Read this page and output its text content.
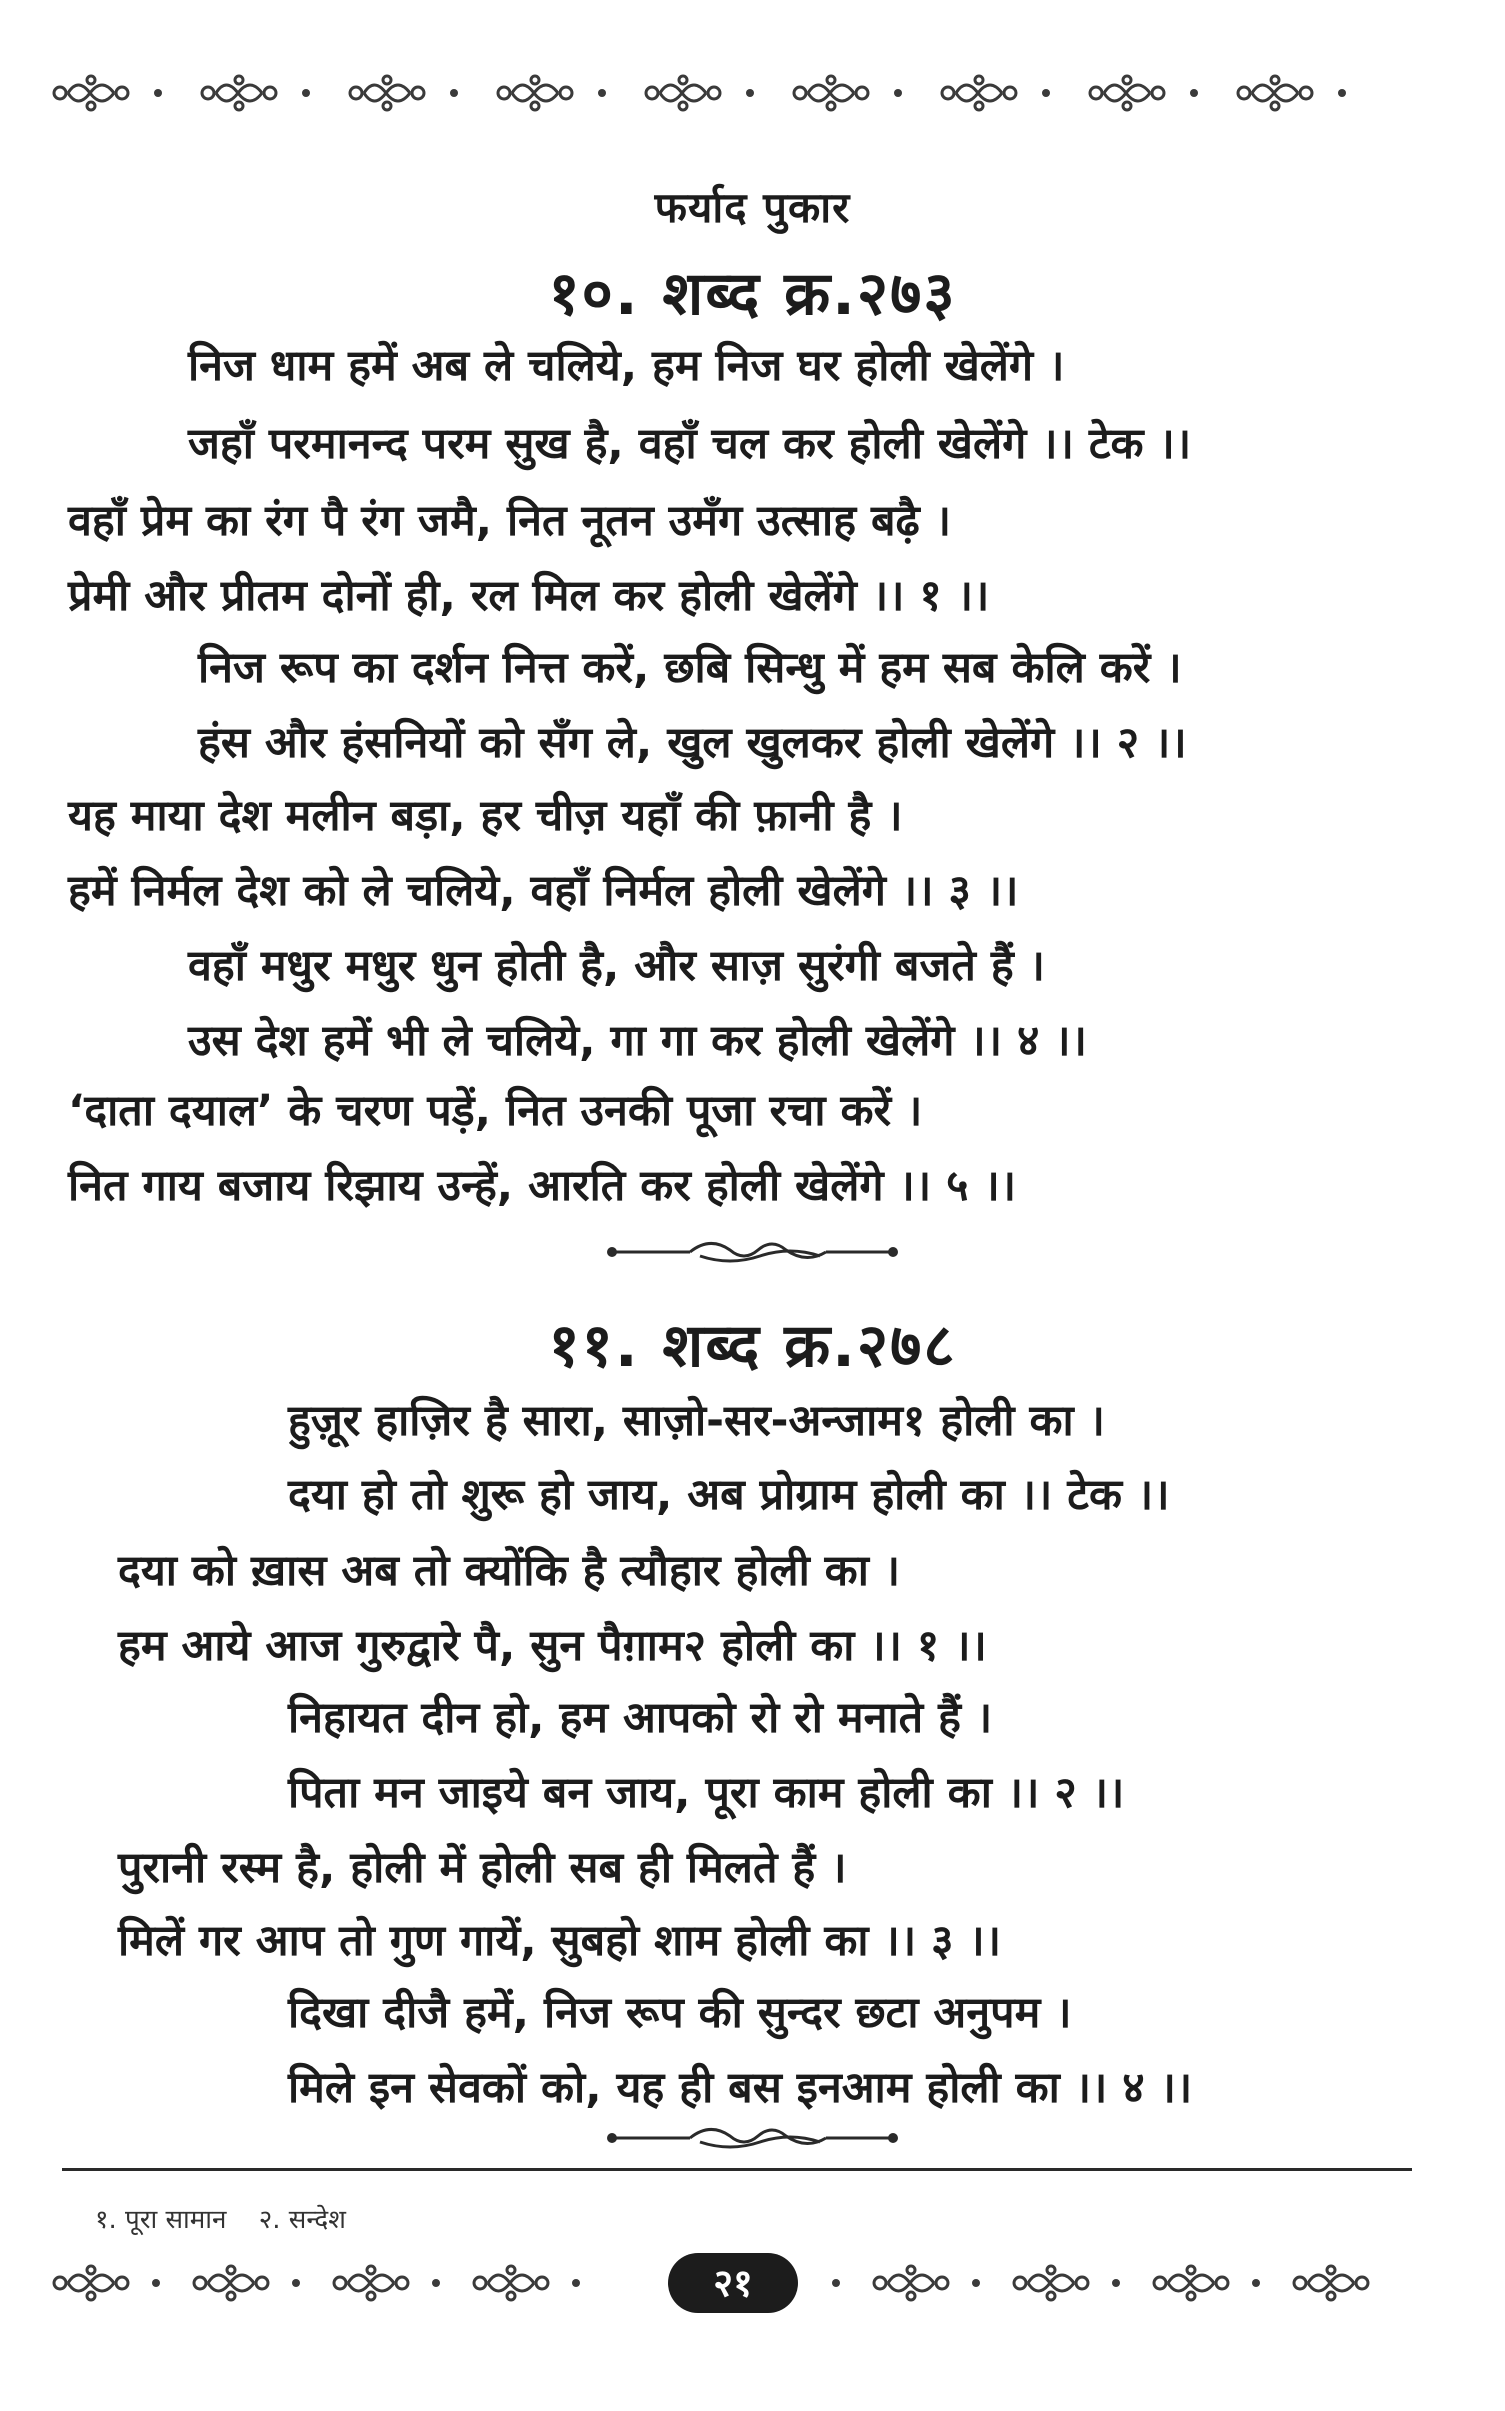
फर्याद पुकार
१०. शब्द क्र.२७३
निज धाम हमें अब ले चलिये, हम निज घर होली खेलेंगे ।
जहाँ परमानन्द परम सुख है, वहाँ चल कर होली खेलेंगे ।। टेक ।।
वहाँ प्रेम का रंग पै रंग जमै, नित नूतन उमँग उत्साह बढ़ै ।
प्रेमी और प्रीतम दोनों ही, रल मिल कर होली खेलेंगे ।। १ ।।
निज रूप का दर्शन नित्त करें, छबि सिन्धु में हम सब केलि करें ।
हंस और हंसनियों को सँग ले, खुल खुलकर होली खेलेंगे ।। २ ।।
यह माया देश मलीन बड़ा, हर चीज़ यहाँ की फ़ानी है ।
हमें निर्मल देश को ले चलिये, वहाँ निर्मल होली खेलेंगे ।। ३ ।।
वहाँ मधुर मधुर धुन होती है, और साज़ सुरंगी बजते हैं ।
उस देश हमें भी ले चलिये, गा गा कर होली खेलेंगे ।। ४ ।।
‘दाता दयाल’ के चरण पड़ें, नित उनकी पूजा रचा करें ।
नित गाय बजाय रिझाय उन्हें, आरति कर होली खेलेंगे ।। ५ ।।
११. शब्द क्र.२७८
हुज़ूर हाज़िर है सारा, साज़ो-सर-अन्जाम१ होली का ।
दया हो तो शुरू हो जाय, अब प्रोग्राम होली का ।। टेक ।।
दया को ख़ास अब तो क्योंकि है त्यौहार होली का ।
हम आये आज गुरुद्वारे पै, सुन पैग़ाम२ होली का ।। १ ।।
निहायत दीन हो, हम आपको रो रो मनाते हैं ।
पिता मन जाइये बन जाय, पूरा काम होली का ।। २ ।।
पुरानी रस्म है, होली में होली सब ही मिलते हैं ।
मिलें गर आप तो गुण गायें, सुबहो शाम होली का ।। ३ ।।
दिखा दीजै हमें, निज रूप की सुन्दर छटा अनुपम ।
मिले इन सेवकों को, यह ही बस इनआम होली का ।। ४ ।।
१. पूरा सामान २. सन्देश
२१
